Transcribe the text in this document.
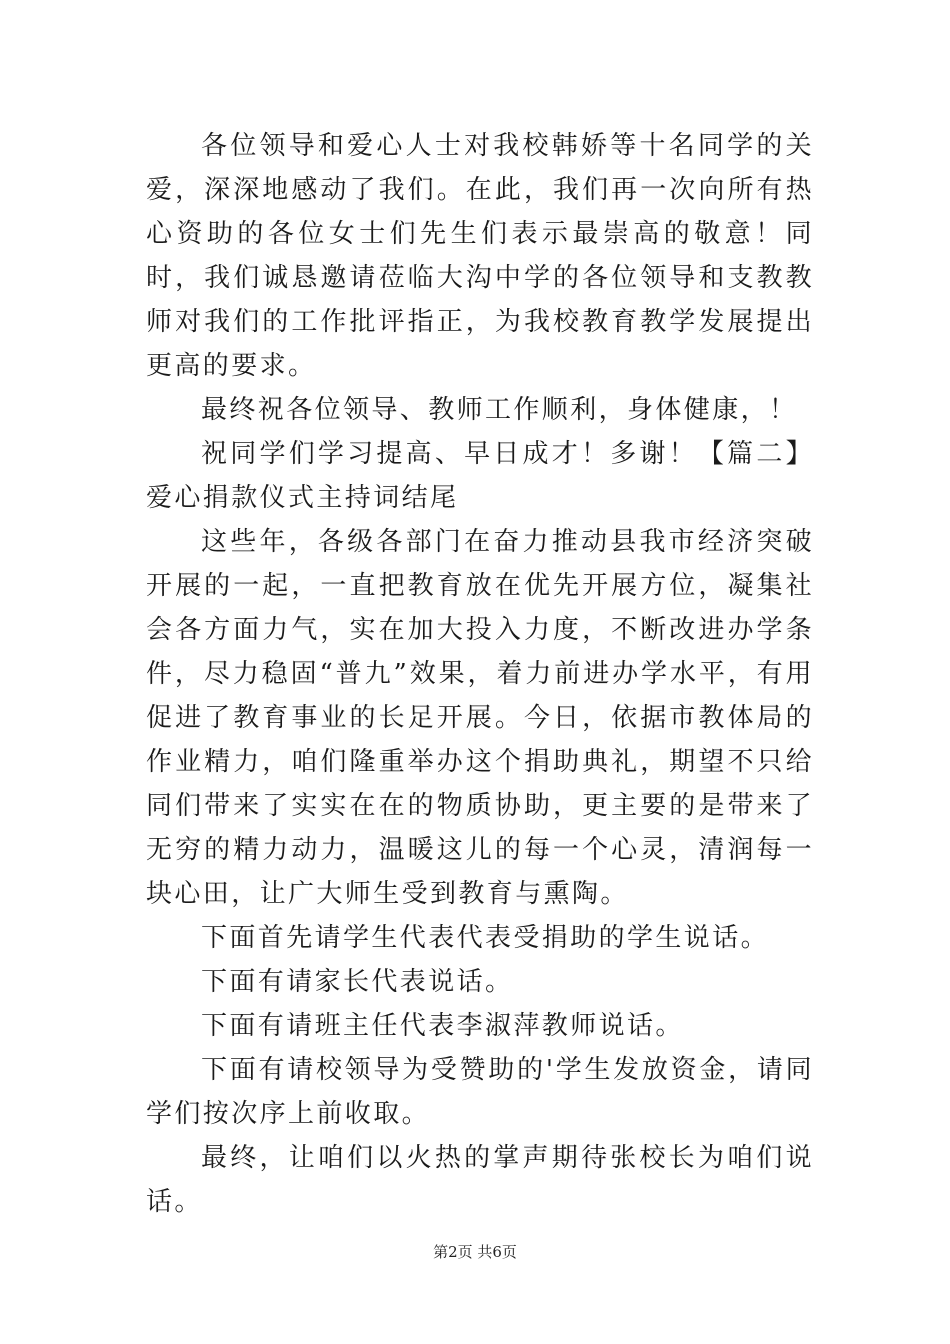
各位领导和爱心人士对我校韩娇等十名同学的关爱，深深地感动了我们。在此，我们再一次向所有热心资助的各位女士们先生们表示最崇高的敬意！同时，我们诚恳邀请莅临大沟中学的各位领导和支教教师对我们的工作批评指正，为我校教育教学发展提出更高的要求。

最终祝各位领导、教师工作顺利，身体健康，！

祝同学们学习提高、早日成才！多谢！【篇二】爱心捐款仪式主持词结尾

这些年，各级各部门在奋力推动县我市经济突破开展的一起，一直把教育放在优先开展方位，凝集社会各方面力气，实在加大投入力度，不断改进办学条件，尽力稳固“普九”效果，着力前进办学水平，有用促进了教育事业的长足开展。今日，依据市教体局的作业精力，咱们隆重举办这个捐助典礼，期望不只给同们带来了实实在在的物质协助，更主要的是带来了无穷的精力动力，温暖这儿的每一个心灵，清润每一块心田，让广大师生受到教育与熏陶。

下面首先请学生代表代表受捐助的学生说话。

下面有请家长代表说话。

下面有请班主任代表李淑萍教师说话。

下面有请校领导为受赞助的'学生发放资金，请同学们按次序上前收取。

最终，让咱们以火热的掌声期待张校长为咱们说话。

第2页 共6页
